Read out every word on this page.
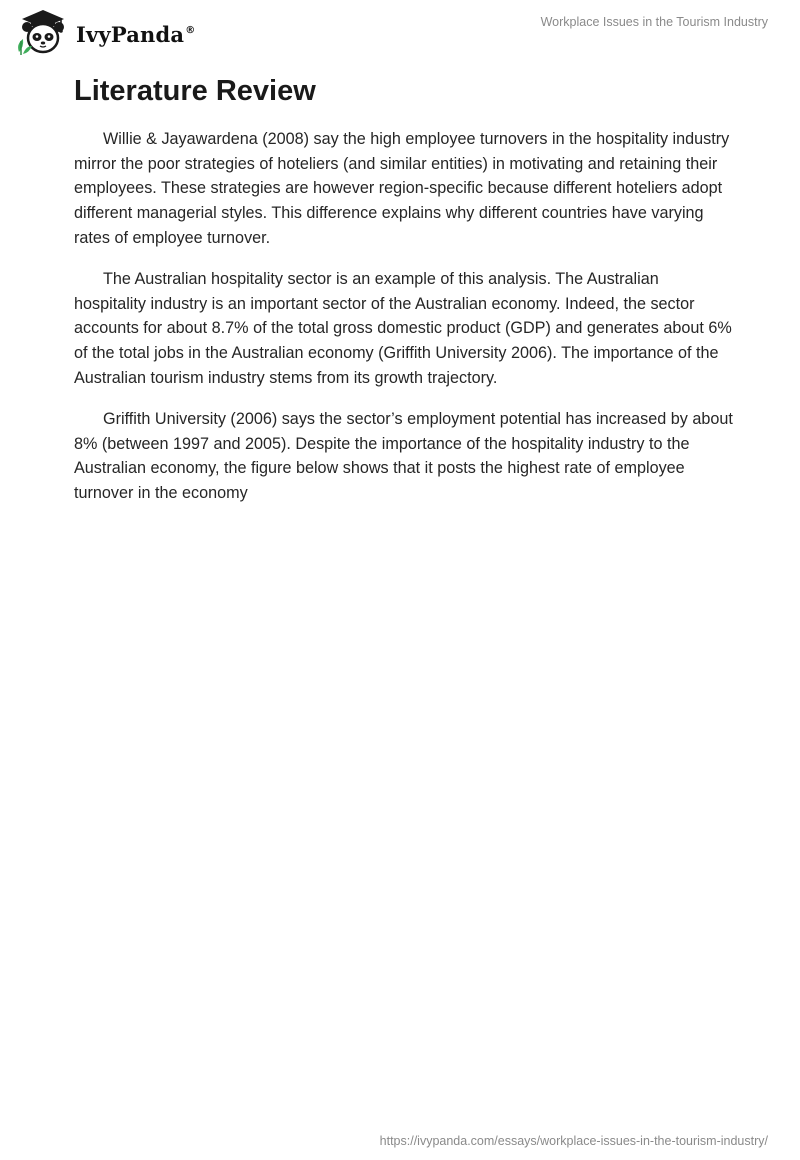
IvyPanda®
Workplace Issues in the Tourism Industry
Literature Review

Willie & Jayawardena (2008) say the high employee turnovers in the hospitality industry mirror the poor strategies of hoteliers (and similar entities) in motivating and retaining their employees. These strategies are however region-specific because different hoteliers adopt different managerial styles. This difference explains why different countries have varying rates of employee turnover.

The Australian hospitality sector is an example of this analysis. The Australian hospitality industry is an important sector of the Australian economy. Indeed, the sector accounts for about 8.7% of the total gross domestic product (GDP) and generates about 6% of the total jobs in the Australian economy (Griffith University 2006). The importance of the Australian tourism industry stems from its growth trajectory.

Griffith University (2006) says the sector’s employment potential has increased by about 8% (between 1997 and 2005). Despite the importance of the hospitality industry to the Australian economy, the figure below shows that it posts the highest rate of employee turnover in the economy

https://ivypanda.com/essays/workplace-issues-in-the-tourism-industry/
